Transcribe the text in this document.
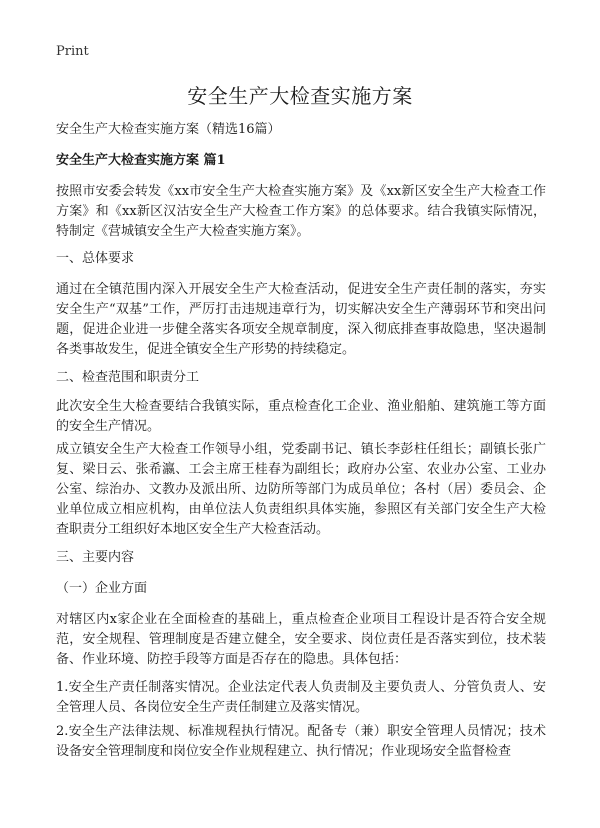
Print
安全生产大检查实施方案

安全生产大检查实施方案（精选16篇）

安全生产大检查实施方案 篇1

按照市安委会转发《xx市安全生产大检查实施方案》及《xx新区安全生产大检查工作方案》和《xx新区汉沽安全生产大检查工作方案》的总体要求。结合我镇实际情况，特制定《营城镇安全生产大检查实施方案》。

一、总体要求

通过在全镇范围内深入开展安全生产大检查活动，促进安全生产责任制的落实，夯实安全生产“双基”工作，严厉打击违规违章行为，切实解决安全生产薄弱环节和突出问题，促进企业进一步健全落实各项安全规章制度，深入彻底排查事故隐患，坚决遏制各类事故发生，促进全镇安全生产形势的持续稳定。

二、检查范围和职责分工

此次安全生大检查要结合我镇实际，重点检查化工企业、渔业船舶、建筑施工等方面的安全生产情况。

成立镇安全生产大检查工作领导小组，党委副书记、镇长李彭柱任组长；副镇长张广复、梁日云、张希瀛、工会主席王桂春为副组长；政府办公室、农业办公室、工业办公室、综治办、文教办及派出所、边防所等部门为成员单位；各村（居）委员会、企业单位成立相应机构，由单位法人负责组织具体实施，参照区有关部门安全生产大检查职责分工组织好本地区安全生产大检查活动。

三、主要内容

（一）企业方面

对辖区内x家企业在全面检查的基础上，重点检查企业项目工程设计是否符合安全规范，安全规程、管理制度是否建立健全，安全要求、岗位责任是否落实到位，技术装备、作业环境、防控手段等方面是否存在的隐患。具体包括：

1.安全生产责任制落实情况。企业法定代表人负责制及主要负责人、分管负责人、安全管理人员、各岗位安全生产责任制建立及落实情况。

2.安全生产法律法规、标准规程执行情况。配备专（兼）职安全管理人员情况；技术设备安全管理制度和岗位安全作业规程建立、执行情况；作业现场安全监督检查
